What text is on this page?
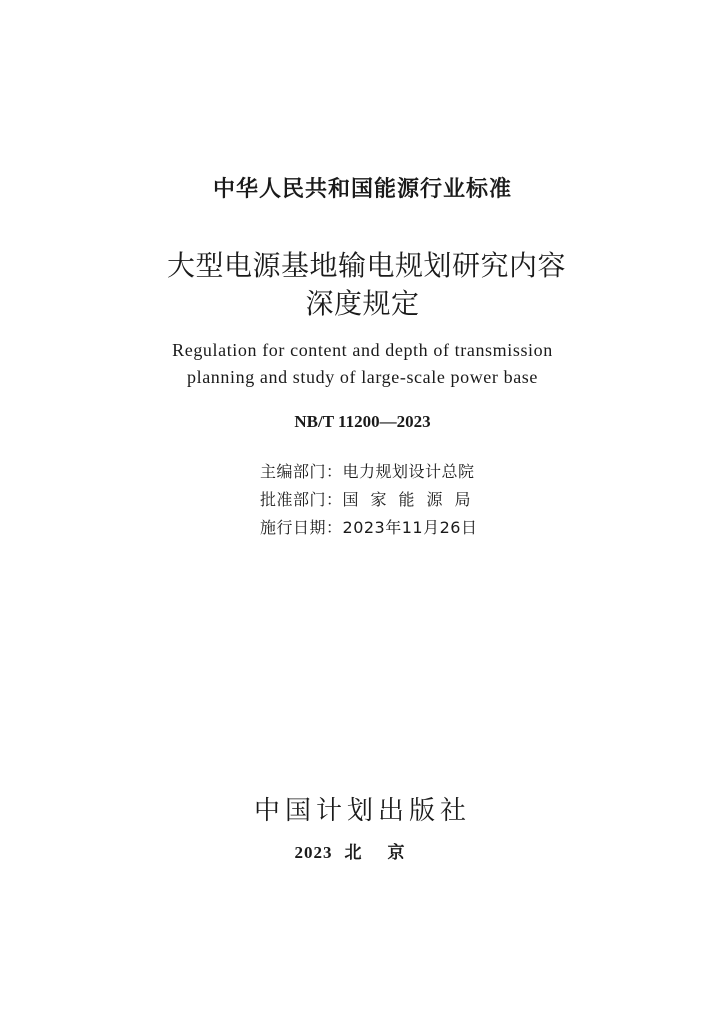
中华人民共和国能源行业标准
大型电源基地输电规划研究内容
深度规定
Regulation for content and depth of transmission
planning and study of large-scale power base
NB/T 11200—2023
主编部门：电力规划设计总院
批准部门：国家能源局
施行日期：2023年11月26日
中国计划出版社
2023 北京
